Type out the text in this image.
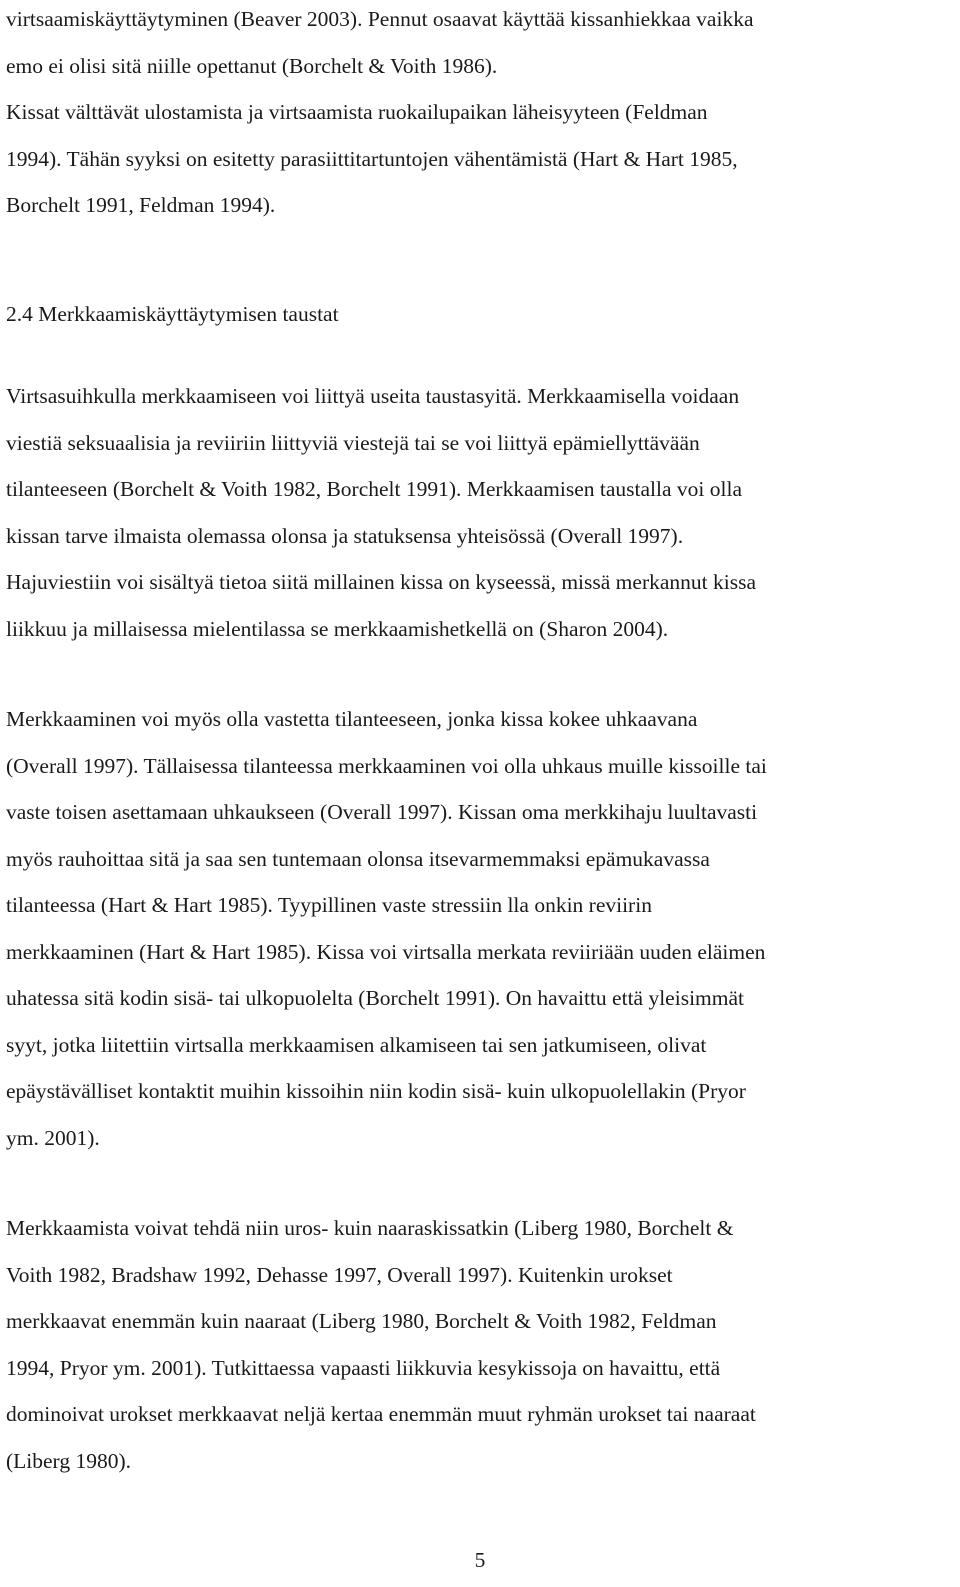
virtsaamiskäyttäytyminen (Beaver 2003). Pennut osaavat käyttää kissanhiekkaa vaikka
emo ei olisi sitä niille opettanut (Borchelt & Voith 1986).
Kissat välttävät ulostamista ja virtsaamista ruokailupaikan läheisyyteen (Feldman
1994). Tähän syyksi on esitetty parasiittitartuntojen vähentämistä (Hart & Hart 1985,
Borchelt 1991, Feldman 1994).

2.4 Merkkaamiskäyttäytymisen taustat

Virtsasuihkulla merkkaamiseen voi liittyä useita taustasyitä. Merkkaamisella voidaan
viestiä seksuaalisia ja reviiriin liittyviä viestejä tai se voi liittyä epämiellyttävään
tilanteeseen (Borchelt & Voith 1982, Borchelt 1991). Merkkaamisen taustalla voi olla
kissan tarve ilmaista olemassa olonsa ja statuksensa yhteisössä (Overall 1997).
Hajuviestiin voi sisältyä tietoa siitä millainen kissa on kyseessä, missä merkannut kissa
liikkuu ja millaisessa mielentilassa se merkkaamishetkellä on (Sharon 2004).

Merkkaaminen voi myös olla vastetta tilanteeseen, jonka kissa kokee uhkaavana
(Overall 1997). Tällaisessa tilanteessa merkkaaminen voi olla uhkaus muille kissoille tai
vaste toisen asettamaan uhkaukseen (Overall 1997). Kissan oma merkkihaju luultavasti
myös rauhoittaa sitä ja saa sen tuntemaan olonsa itsevarmemmaksi epämukavassa
tilanteessa (Hart & Hart 1985). Tyypillinen vaste stressiin lla onkin reviirin
merkkaaminen (Hart & Hart 1985). Kissa voi virtsalla merkata reviiriään uuden eläimen
uhatessa sitä kodin sisä- tai ulkopuolelta (Borchelt 1991). On havaittu että yleisimmät
syyt, jotka liitettiin virtsalla merkkaamisen alkamiseen tai sen jatkumiseen, olivat
epäystävälliset kontaktit muihin kissoihin niin kodin sisä- kuin ulkopuolellakin (Pryor
ym. 2001).

Merkkaamista voivat tehdä niin uros- kuin naaraskissatkin (Liberg 1980, Borchelt &
Voith 1982, Bradshaw 1992, Dehasse 1997, Overall 1997). Kuitenkin urokset
merkkaavat enemmän kuin naaraat (Liberg 1980, Borchelt & Voith 1982, Feldman
1994, Pryor ym. 2001). Tutkittaessa vapaasti liikkuvia kesykissoja on havaittu, että
dominoivat urokset merkkaavat neljä kertaa enemmän muut ryhmän urokset tai naaraat
(Liberg 1980).

5
